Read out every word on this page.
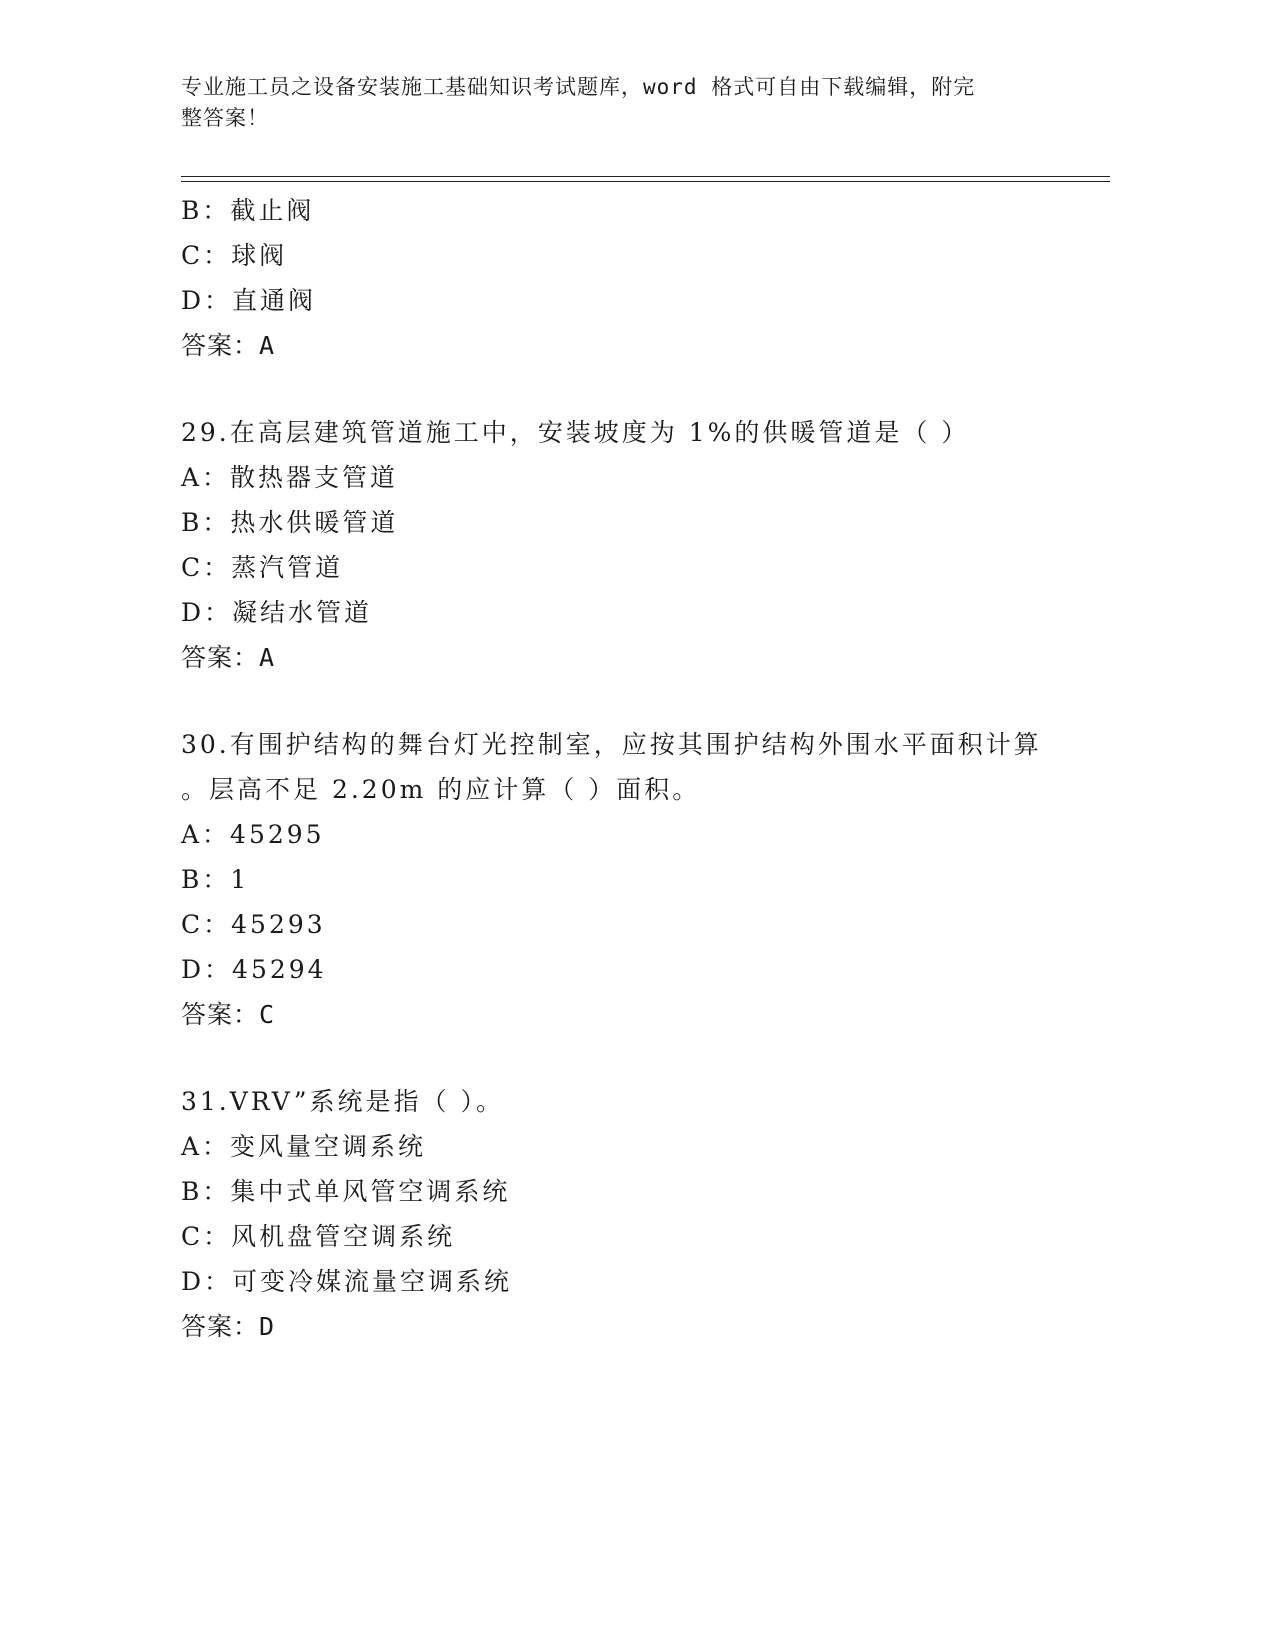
专业施工员之设备安装施工基础知识考试题库，word 格式可自由下载编辑，附完
整答案！
B：截止阀
C：球阀
D：直通阀
答案：A
29.在高层建筑管道施工中，安装坡度为 1%的供暖管道是（ ）
A：散热器支管道
B：热水供暖管道
C：蒸汽管道
D：凝结水管道
答案：A
30.有围护结构的舞台灯光控制室，应按其围护结构外围水平面积计算
。层高不足 2.20m 的应计算（ ）面积。
A：45295
B：1
C：45293
D：45294
答案：C
31.VRV”系统是指（ ）。
A：变风量空调系统
B：集中式单风管空调系统
C：风机盘管空调系统
D：可变冷媒流量空调系统
答案：D
